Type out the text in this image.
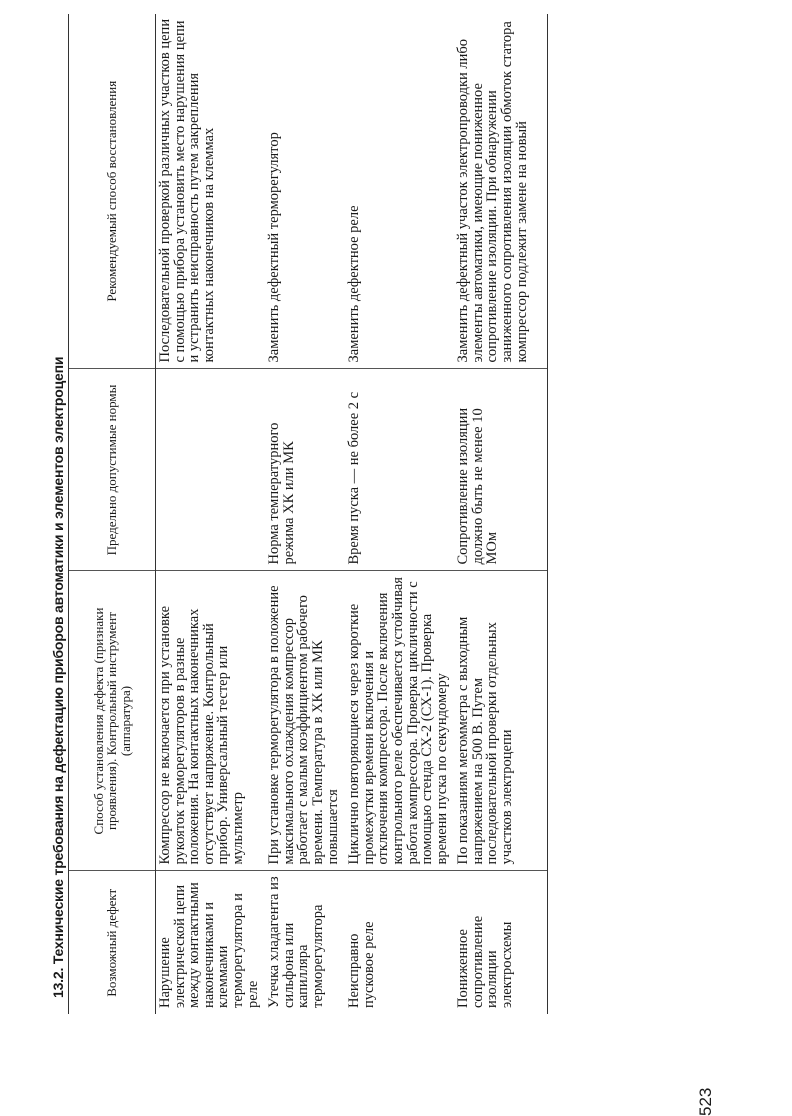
13.2. Технические требования на дефектацию приборов автоматики и элементов электроцепи	Возможный дефект	Способ установления дефекта (признаки проявления). Контрольный инструмент (аппаратура)	Предельно допустимые нормы	Рекомендуемый способ восстановления
Нарушение электрической цепи между контактными наконечниками и клеммами терморегулятора и реле	Компрессор не включается при установке рукояток терморегуляторов в разные положения. На контактных наконечниках отсутствует напряжение. Контрольный прибор. Универсальный тестер или мультиметр		Последовательной проверкой различных участков цепи с помощью прибора установить место нарушения цепи и устранить неисправность путем закрепления контактных наконечников на клеммах
Утечка хладагента из сильфона или капилляра терморегулятора	При установке терморегулятора в положение максимального охлаждения компрессор работает с малым коэффициентом рабочего времени. Температура в ХК или МК повышается	Норма температурного режима ХК или МК	Заменить дефектный терморегулятор
Неисправно пусковое реле	Циклично повторяющиеся через короткие промежутки времени включения и отключения компрессора. После включения контрольного реле обеспечивается устойчивая работа компрессора. Проверка цикличности с помощью стенда СХ-2 (СХ-1). Проверка времени пуска по секундомеру	Время пуска — не более 2 с	Заменить дефектное реле
Пониженное сопротивление изоляции электросхемы	По показаниям мегомметра с выходным напряжением на 500 В. Путем последовательной проверки отдельных участков электроцепи	Сопротивление изоляции должно быть не менее 10 МОм	Заменить дефектный участок электропроводки либо элементы автоматики, имеющие пониженное сопротивление изоляции. При обнаружении заниженного сопротивления изоляции обмоток статора компрессор подлежит замене на новый
523
